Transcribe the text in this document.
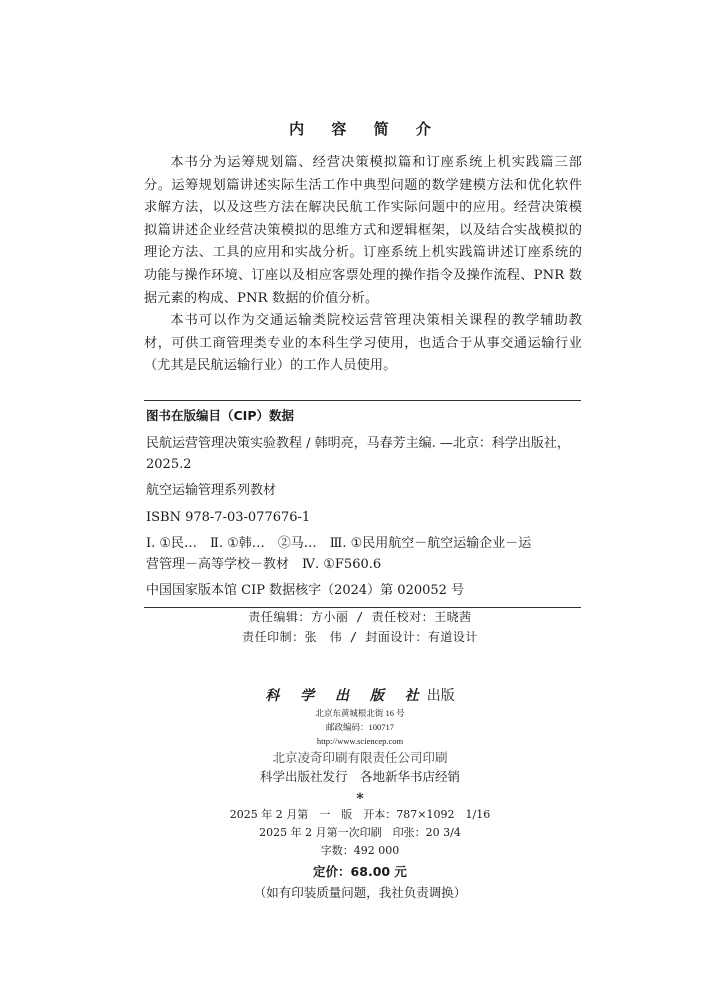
内 容 简 介

本书分为运筹规划篇、经营决策模拟篇和订座系统上机实践篇三部分。运筹规划篇讲述实际生活工作中典型问题的数学建模方法和优化软件求解方法，以及这些方法在解决民航工作实际问题中的应用。经营决策模拟篇讲述企业经营决策模拟的思维方式和逻辑框架，以及结合实战模拟的理论方法、工具的应用和实战分析。订座系统上机实践篇讲述订座系统的功能与操作环境、订座以及相应客票处理的操作指令及操作流程、PNR 数据元素的构成、PNR 数据的价值分析。

本书可以作为交通运输类院校运营管理决策相关课程的教学辅助教材，可供工商管理类专业的本科生学习使用，也适合于从事交通运输行业（尤其是民航运输行业）的工作人员使用。

图书在版编目（CIP）数据
民航运营管理决策实验教程 / 韩明亮，马春芳主编. —北京：科学出版社，
2025.2
航空运输管理系列教材
ISBN 978-7-03-077676-1
Ⅰ. ①民…　Ⅱ. ①韩…　②马…　Ⅲ. ①民用航空－航空运输企业－运
营管理－高等学校－教材　Ⅳ. ①F560.6
中国国家版本馆 CIP 数据核字（2024）第 020052 号
责任编辑：方小丽 / 责任校对：王晓茜
责任印制：张　伟 / 封面设计：有道设计
科 学 出 版 社出版
北京东黄城根北街 16 号
邮政编码：100717
http://www.sciencep.com
北京凌奇印刷有限责任公司印刷
科学出版社发行　各地新华书店经销
*
2025 年 2 月第　一　版　开本：787×1092　1/16
2025 年 2 月第一次印刷　印张：20 3/4
字数：492 000
定价：68.00 元
（如有印装质量问题，我社负责调换）
